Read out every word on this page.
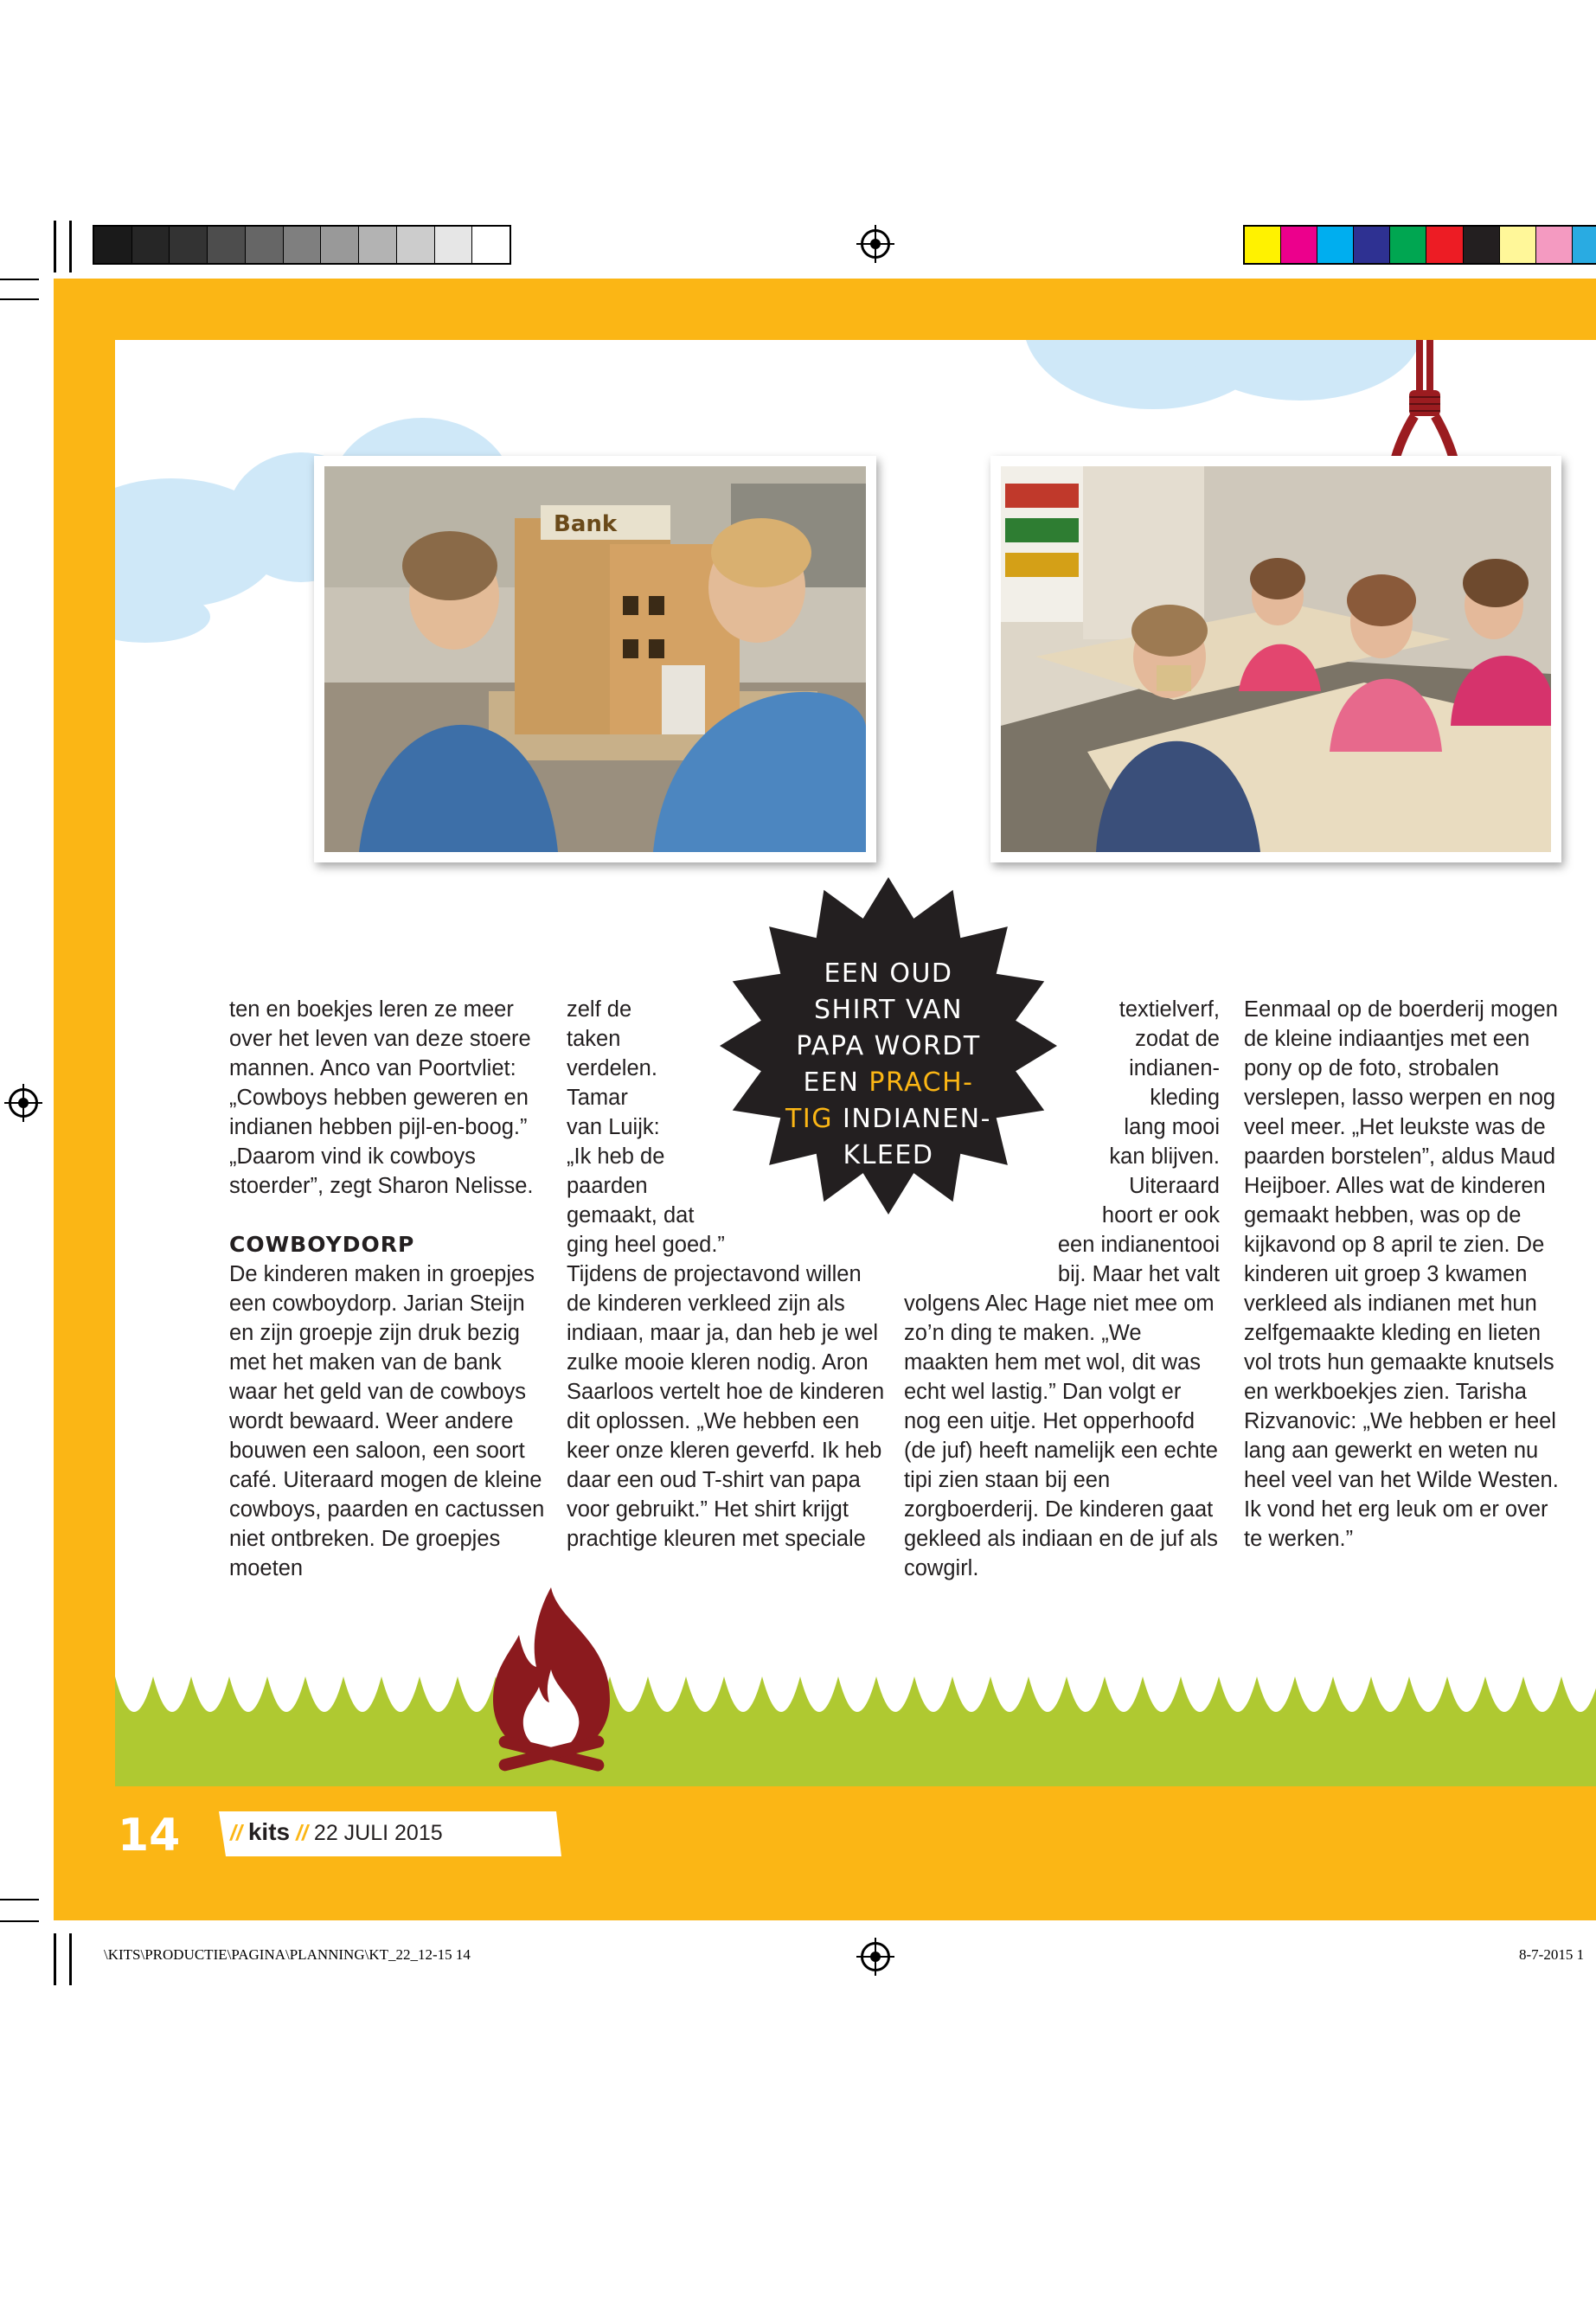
Bank

ten en boekjes leren ze meer over het leven van deze stoere mannen. Anco van Poortvliet: „Cowboys hebben geweren en indianen hebben pijl-en-boog.” „Daarom vind ik cowboys stoerder”, zegt Sharon Nelisse.

COWBOYDORP

De kinderen maken in groepjes een cowboydorp. Jarian Steijn en zijn groepje zijn druk bezig met het maken van de bank waar het geld van de cowboys wordt bewaard. Weer andere bouwen een saloon, een soort café. Uiteraard mogen de kleine cowboys, paarden en cactussen niet ontbreken. De groepjes moeten

zelf de
taken
verdelen.
Tamar
van Luijk:
„Ik heb de
paarden
gemaakt, dat
ging heel goed.”

Tijdens de projectavond willen de kinderen verkleed zijn als indiaan, maar ja, dan heb je wel zulke mooie kleren nodig. Aron Saarloos vertelt hoe de kinderen dit oplossen. „We hebben een keer onze kleren geverfd. Ik heb daar een oud T-shirt van papa voor gebruikt.” Het shirt krijgt prachtige kleuren met speciale

textielverf,
zodat de
indianen-
kleding
lang mooi
kan blijven.
Uiteraard
hoort er ook
een indianentooi
bij. Maar het valt

volgens Alec Hage niet mee om zo’n ding te maken. „We maakten hem met wol, dit was echt wel lastig.” Dan volgt er nog een uitje. Het opperhoofd (de juf) heeft namelijk een echte tipi zien staan bij een zorgboerderij. De kinderen gaat gekleed als indiaan en de juf als cowgirl.

Eenmaal op de boerderij mogen de kleine indiaantjes met een pony op de foto, strobalen verslepen, lasso werpen en nog veel meer. „Het leukste was de paarden borstelen”, aldus Maud Heijboer. Alles wat de kinderen gemaakt hebben, was op de kijkavond op 8 april te zien. De kinderen uit groep 3 kwamen verkleed als indianen met hun zelfgemaakte kleding en lieten vol trots hun gemaakte knutsels en werkboekjes zien. Tarisha Rizvanovic: „We hebben er heel lang aan gewerkt en weten nu heel veel van het Wilde Westen. Ik vond het erg leuk om er over te werken.”

EEN OUD
SHIRT VAN
PAPA WORDT
EEN PRACH-
TIG INDIANEN-
KLEED
14 // kits // 22 JULI 2015
\KITS\PRODUCTIE\PAGINA\PLANNING\KT_22_12-15 14	8-7-2015 1
